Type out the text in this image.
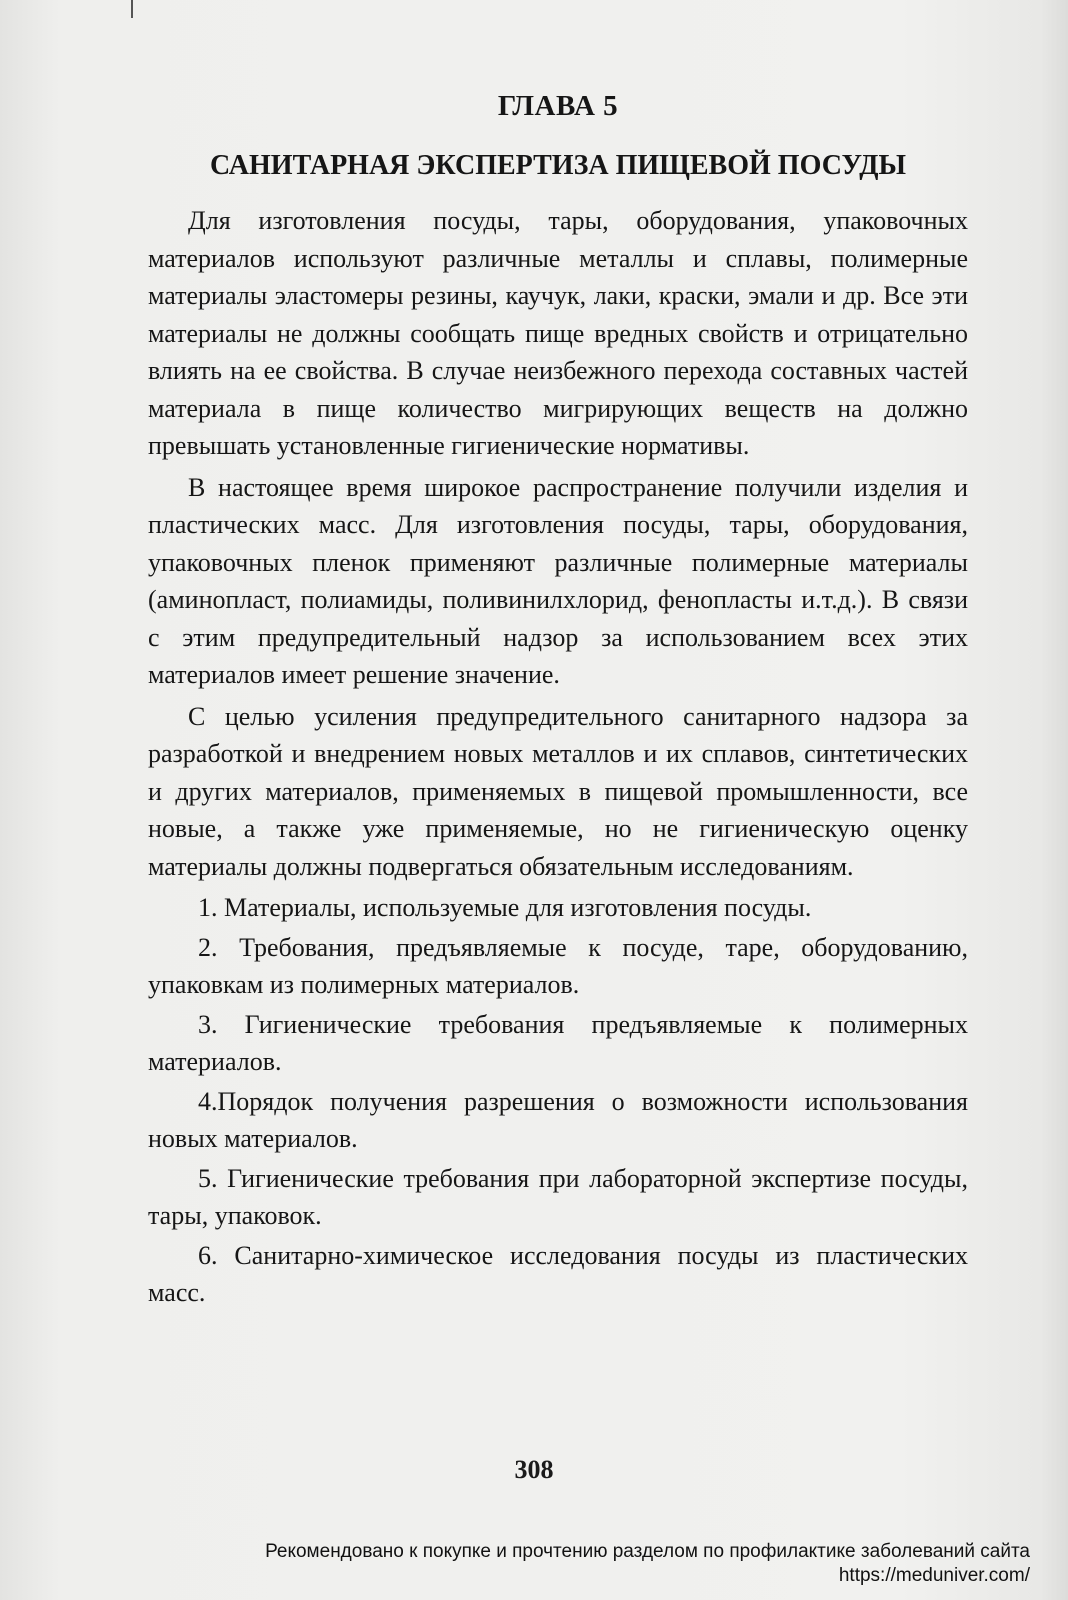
ГЛАВА 5
САНИТАРНАЯ ЭКСПЕРТИЗА ПИЩЕВОЙ ПОСУДЫ

Для изготовления посуды, тары, оборудования, упаковочных материалов используют различные металлы и сплавы, полимерные материалы эластомеры резины, каучук, лаки, краски, эмали и др. Все эти материалы не должны сообщать пище вредных свойств и отрицательно влиять на ее свойства. В случае неизбежного перехода составных частей материала в пище количество мигрирующих веществ на должно превышать установленные гигиенические нормативы.

В настоящее время широкое распространение получили изделия и пластических масс. Для изготовления посуды, тары, оборудования, упаковочных пленок применяют различные полимерные материалы (аминопласт, полиамиды, поливинилхлорид, фенопласты и.т.д.). В связи с этим предупредительный надзор за использованием всех этих материалов имеет решение значение.

С целью усиления предупредительного санитарного надзора за разработкой и внедрением новых металлов и их сплавов, синтетических и других материалов, применяемых в пищевой промышленности, все новые, а также уже применяемые, но не гигиеническую оценку материалы должны подвергаться обязательным исследованиям.

1. Материалы, используемые для изготовления посуды.

2. Требования, предъявляемые к посуде, таре, оборудованию, упаковкам из полимерных материалов.

3. Гигиенические требования предъявляемые к полимерных материалов.

4.Порядок получения разрешения о возможности использования новых материалов.

5. Гигиенические требования при лабораторной экспертизе посуды, тары, упаковок.

6. Санитарно-химическое исследования посуды из пластических масс.

308
Рекомендовано к покупке и прочтению разделом по профилактике заболеваний сайта https://meduniver.com/
